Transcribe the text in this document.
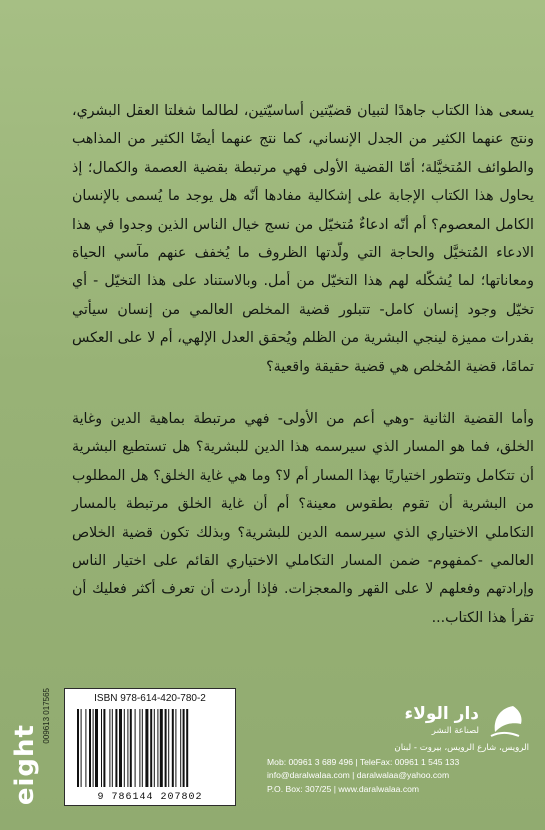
يسعى هذا الكتاب جاهدًا لتبيان قضيّتين أساسيّتين، لطالما شغلتا العقل البشري، ونتج عنهما الكثير من الجدل الإنساني، كما نتج عنهما أيضًا الكثير من المذاهب والطوائف المُتخيَّلة؛ أمّا القضية الأولى فهي مرتبطة بقضية العصمة والكمال؛ إذ يحاول هذا الكتاب الإجابة على إشكالية مفادها أنّه هل يوجد ما يُسمى بالإنسان الكامل المعصوم؟ أم أنّه ادعاءٌ مُتخيّل من نسج خيال الناس الذين وجدوا في هذا الادعاء المُتخيَّل والحاجة التي ولّدتها الظروف ما يُخفف عنهم مآسي الحياة ومعاناتها؛ لما يُشكّله لهم هذا التخيّل من أمل. وبالاستناد على هذا التخيّل - أي تخيّل وجود إنسان كامل- تتبلور قضية المخلص العالمي من إنسان سيأتي بقدرات مميزة لينجي البشرية من الظلم ويُحقق العدل الإلهي، أم لا على العكس تمامًا، قضية المُخلص هي قضية حقيقة واقعية؟

وأما القضية الثانية -وهي أعم من الأولى- فهي مرتبطة بماهية الدين وغاية الخلق، فما هو المسار الذي سيرسمه هذا الدين للبشرية؟ هل تستطيع البشرية أن تتكامل وتتطور اختياريًا بهذا المسار أم لا؟ وما هي غاية الخلق؟ هل المطلوب من البشرية أن تقوم بطقوس معينة؟ أم أن غاية الخلق مرتبطة بالمسار التكاملي الاختياري الذي سيرسمه الدين للبشرية؟ وبذلك تكون قضية الخلاص العالمي -كمفهوم- ضمن المسار التكاملي الاختياري القائم على اختيار الناس وإرادتهم وفعلهم لا على القهر والمعجزات. فإذا أردت أن تعرف أكثر فعليك أن تقرأ هذا الكتاب...

eight
009613 017565	ISBN 978-614-420-780-2
9 786144 207802
دار الولاء
لصناعة النشر
الرويس، شارع الرويس، بيروت - لبنان
Mob: 00961 3 689 496 | TeleFax: 00961 1 545 133
info@daralwalaa.com | daralwalaa@yahoo.com
P.O. Box: 307/25 | www.daralwalaa.com
